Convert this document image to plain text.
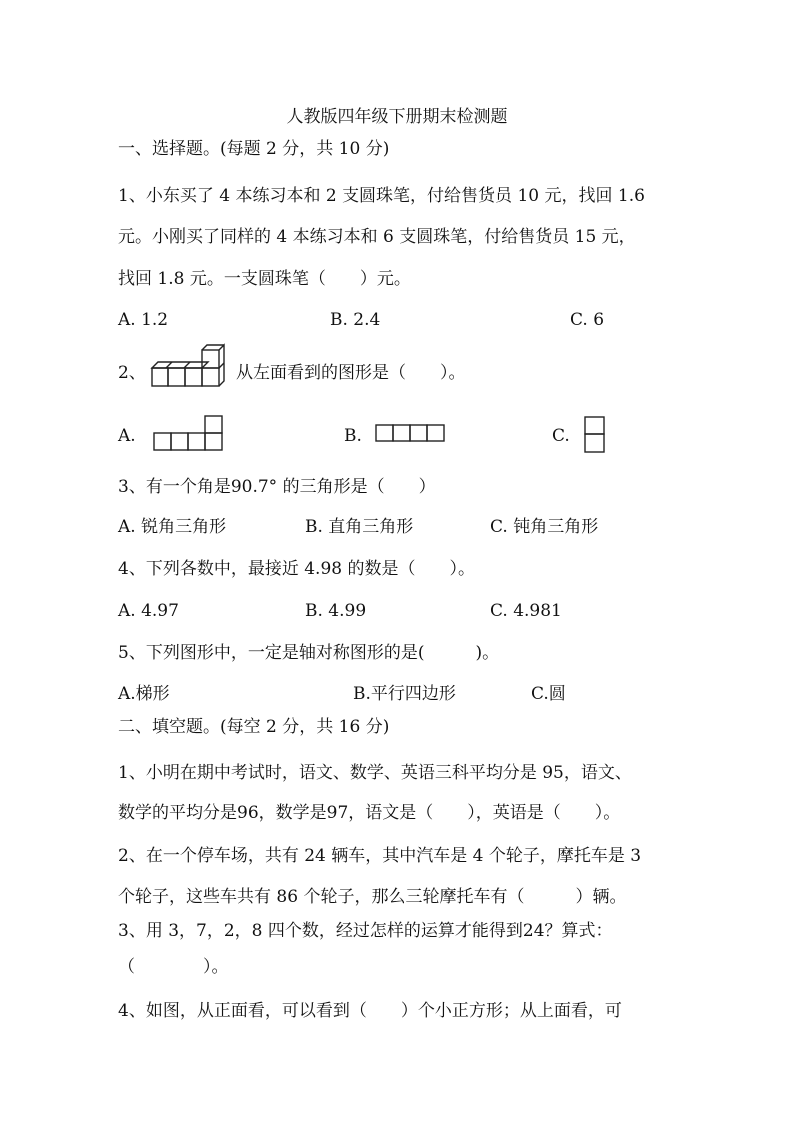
人教版四年级下册期末检测题
一、选择题。(每题 2 分，共 10 分)
1、小东买了 4 本练习本和 2 支圆珠笔，付给售货员 10 元，找回 1.6
元。小刚买了同样的 4 本练习本和 6 支圆珠笔，付给售货员 15 元，
找回 1.8 元。一支圆珠笔（　　）元。
A. 1.2	B. 2.4	C. 6
2、	从左面看到的图形是（　　）。
A.	B.	C.
3、有一个角是90.7° 的三角形是（　　）
A. 锐角三角形	B. 直角三角形	C. 钝角三角形
4、下列各数中，最接近 4.98 的数是（　　）。
A. 4.97	B. 4.99	C. 4.981
5、下列图形中，一定是轴对称图形的是(　　　)。
A.梯形	B.平行四边形	C.圆
二、填空题。(每空 2 分，共 16 分)
1、小明在期中考试时，语文、数学、英语三科平均分是 95，语文、
数学的平均分是96，数学是97，语文是（　　），英语是（　　）。
2、在一个停车场，共有 24 辆车，其中汽车是 4 个轮子，摩托车是 3
个轮子，这些车共有 86 个轮子，那么三轮摩托车有（　　　）辆。
3、用 3，7，2，8 四个数，经过怎样的运算才能得到24？算式：
（　　　　）。
4、如图，从正面看，可以看到（　　）个小正方形；从上面看，可
